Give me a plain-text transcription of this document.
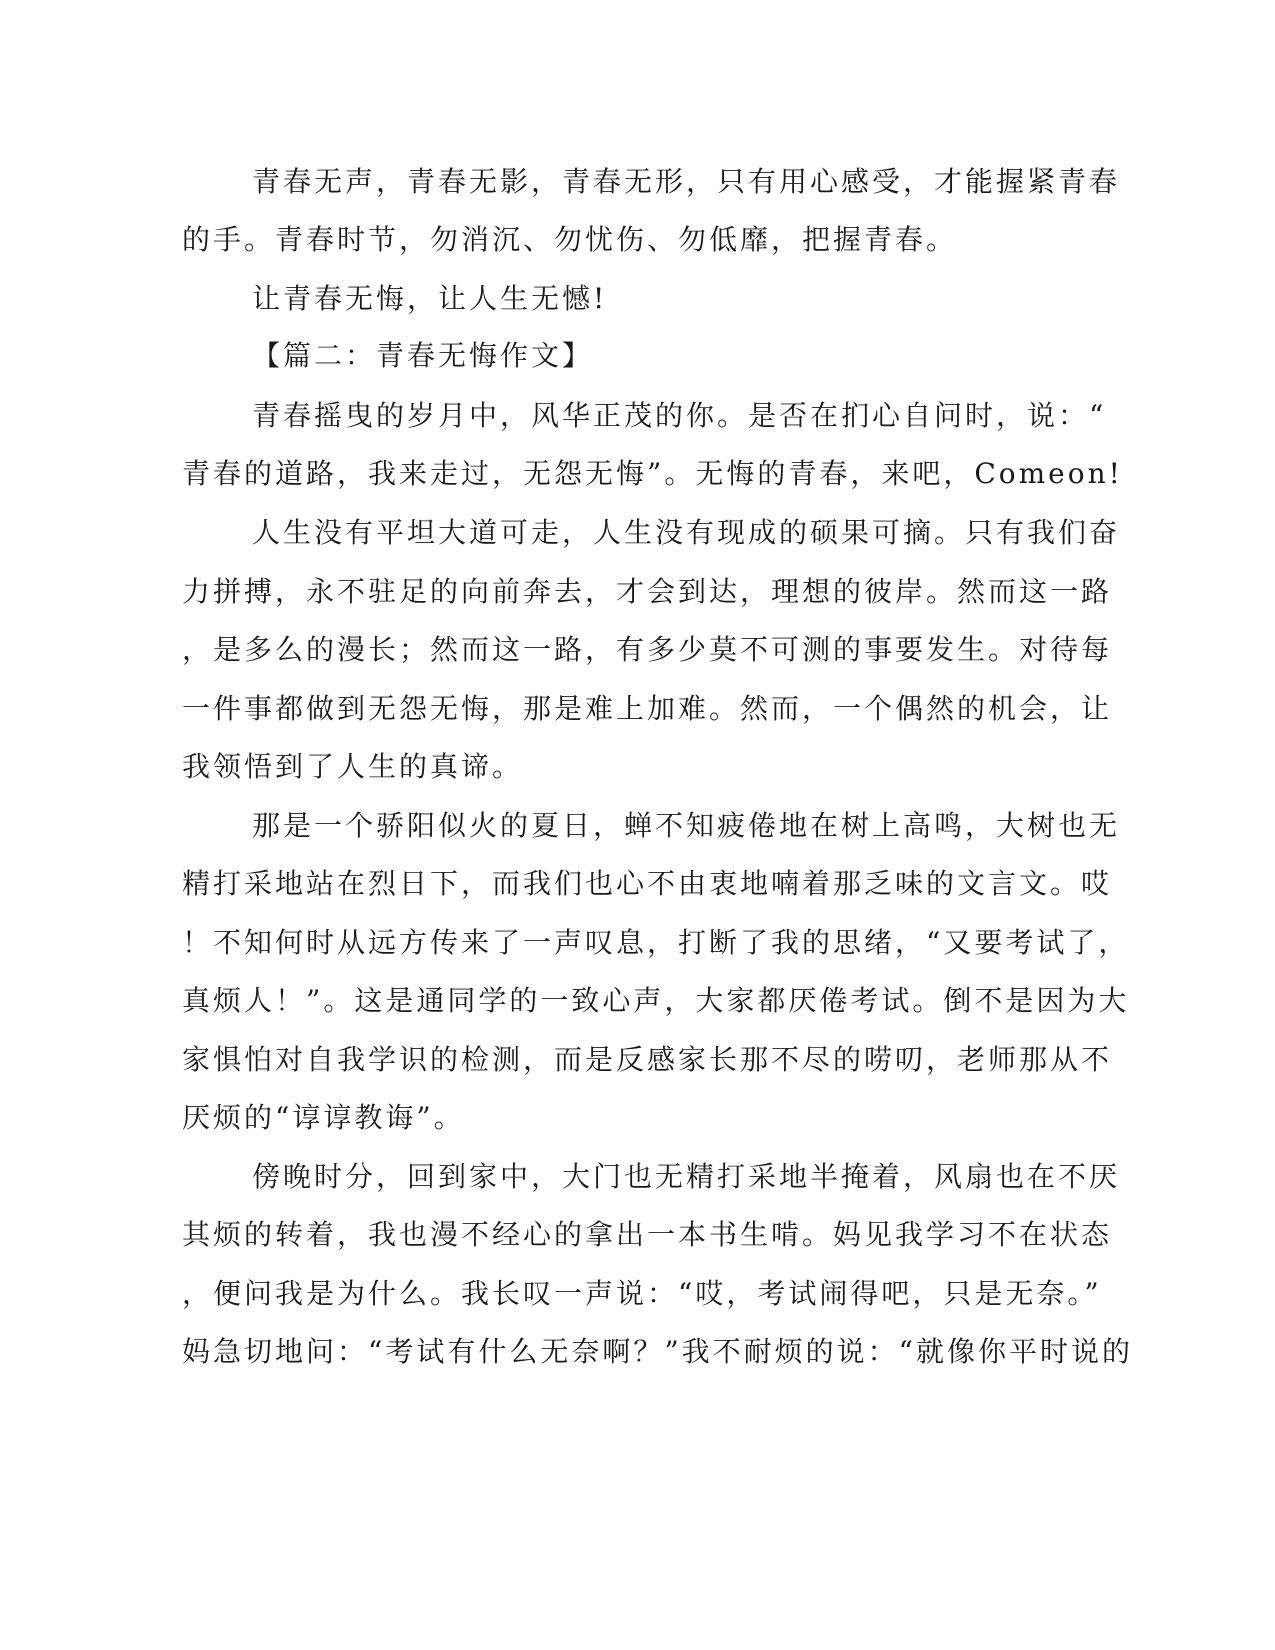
青春无声，青春无影，青春无形，只有用心感受，才能握紧青春
的手。青春时节，勿消沉、勿忧伤、勿低靡，把握青春。
让青春无悔，让人生无憾!
【篇二：青春无悔作文】
青春摇曳的岁月中，风华正茂的你。是否在扪心自问时，说：“
青春的道路，我来走过，无怨无悔”。无悔的青春，来吧，Comeon!
人生没有平坦大道可走，人生没有现成的硕果可摘。只有我们奋
力拼搏，永不驻足的向前奔去，才会到达，理想的彼岸。然而这一路
，是多么的漫长；然而这一路，有多少莫不可测的事要发生。对待每
一件事都做到无怨无悔，那是难上加难。然而，一个偶然的机会，让
我领悟到了人生的真谛。
那是一个骄阳似火的夏日，蝉不知疲倦地在树上高鸣，大树也无
精打采地站在烈日下，而我们也心不由衷地喃着那乏味的文言文。哎
！不知何时从远方传来了一声叹息，打断了我的思绪，“又要考试了，
真烦人！”。这是通同学的一致心声，大家都厌倦考试。倒不是因为大
家惧怕对自我学识的检测，而是反感家长那不尽的唠叨，老师那从不
厌烦的“谆谆教诲”。
傍晚时分，回到家中，大门也无精打采地半掩着，风扇也在不厌
其烦的转着，我也漫不经心的拿出一本书生啃。妈见我学习不在状态
，便问我是为什么。我长叹一声说：“哎，考试闹得吧，只是无奈。”
妈急切地问：“考试有什么无奈啊？”我不耐烦的说：“就像你平时说的
